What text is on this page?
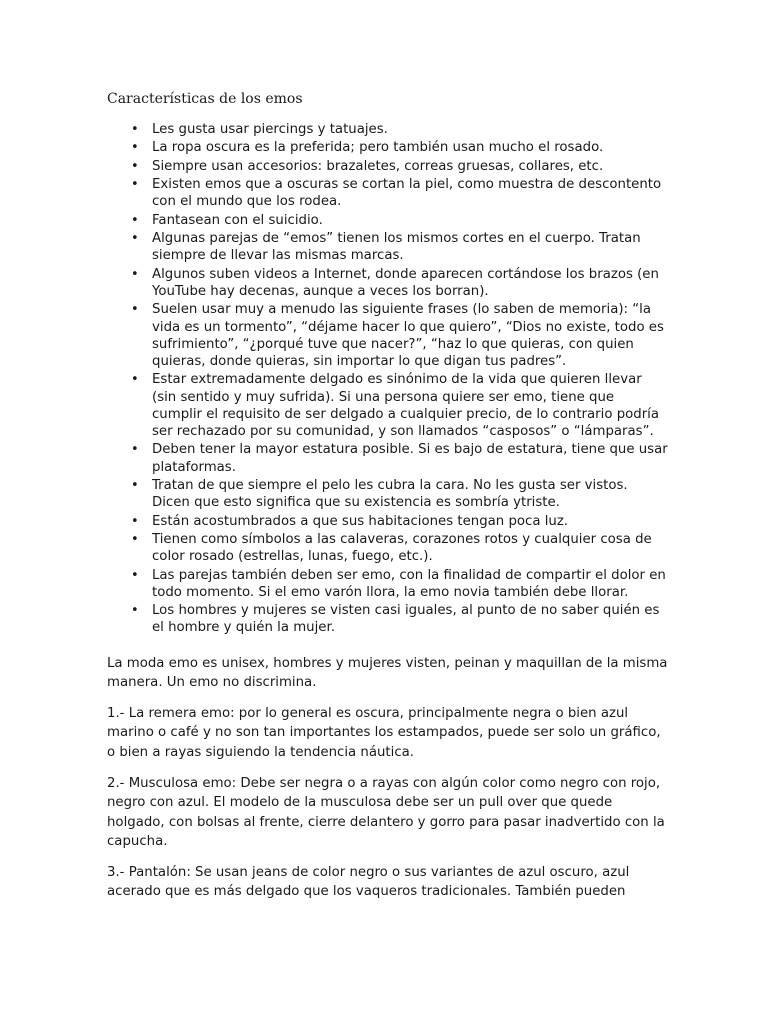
Características de los emos
• Les gusta usar piercings y tatuajes.
• La ropa oscura es la preferida; pero también usan mucho el rosado.
• Siempre usan accesorios: brazaletes, correas gruesas, collares, etc.
• Existen emos que a oscuras se cortan la piel, como muestra de descontento con el mundo que los rodea.
• Fantasean con el suicidio.
• Algunas parejas de “emos” tienen los mismos cortes en el cuerpo. Tratan siempre de llevar las mismas marcas.
• Algunos suben videos a Internet, donde aparecen cortándose los brazos (en YouTube hay decenas, aunque a veces los borran).
• Suelen usar muy a menudo las siguiente frases (lo saben de memoria): “la vida es un tormento”, “déjame hacer lo que quiero”, “Dios no existe, todo es sufrimiento”, “¿porqué tuve que nacer?”, “haz lo que quieras, con quien quieras, donde quieras, sin importar lo que digan tus padres”.
• Estar extremadamente delgado es sinónimo de la vida que quieren llevar (sin sentido y muy sufrida). Si una persona quiere ser emo, tiene que cumplir el requisito de ser delgado a cualquier precio, de lo contrario podría ser rechazado por su comunidad, y son llamados “casposos” o “lámparas”.
• Deben tener la mayor estatura posible. Si es bajo de estatura, tiene que usar plataformas.
• Tratan de que siempre el pelo les cubra la cara. No les gusta ser vistos. Dicen que esto significa que su existencia es sombría ytriste.
• Están acostumbrados a que sus habitaciones tengan poca luz.
• Tienen como símbolos a las calaveras, corazones rotos y cualquier cosa de color rosado (estrellas, lunas, fuego, etc.).
• Las parejas también deben ser emo, con la finalidad de compartir el dolor en todo momento. Si el emo varón llora, la emo novia también debe llorar.
• Los hombres y mujeres se visten casi iguales, al punto de no saber quién es el hombre y quién la mujer.

La moda emo es unisex, hombres y mujeres visten, peinan y maquillan de la misma manera. Un emo no discrimina.

1.- La remera emo: por lo general es oscura, principalmente negra o bien azul marino o café y no son tan importantes los estampados, puede ser solo un gráfico, o bien a rayas siguiendo la tendencia náutica.

2.- Musculosa emo: Debe ser negra o a rayas con algún color como negro con rojo, negro con azul. El modelo de la musculosa debe ser un pull over que quede holgado, con bolsas al frente, cierre delantero y gorro para pasar inadvertido con la capucha.

3.- Pantalón: Se usan jeans de color negro o sus variantes de azul oscuro, azul acerado que es más delgado que los vaqueros tradicionales. También pueden
